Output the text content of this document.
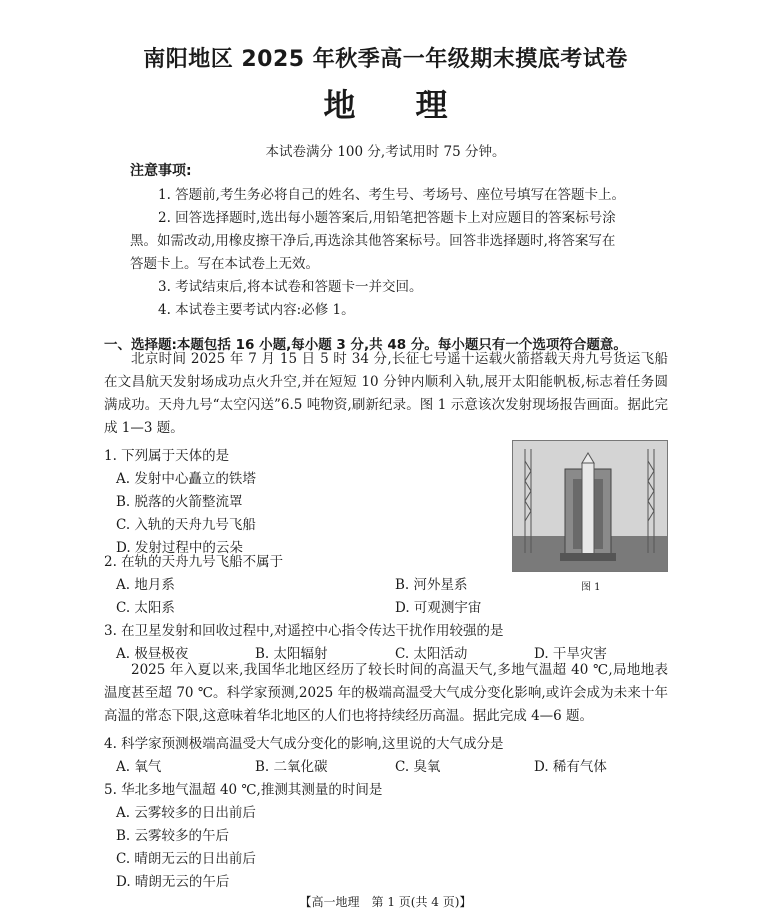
南阳地区 2025 年秋季高一年级期末摸底考试卷
地理
本试卷满分 100 分,考试用时 75 分钟。
注意事项:
1. 答题前,考生务必将自己的姓名、考生号、考场号、座位号填写在答题卡上。
2. 回答选择题时,选出每小题答案后,用铅笔把答题卡上对应题目的答案标号涂
黑。如需改动,用橡皮擦干净后,再选涂其他答案标号。回答非选择题时,将答案写在
答题卡上。写在本试卷上无效。
3. 考试结束后,将本试卷和答题卡一并交回。
4. 本试卷主要考试内容:必修 1。
一、选择题:本题包括 16 小题,每小题 3 分,共 48 分。每小题只有一个选项符合题意。
北京时间 2025 年 7 月 15 日 5 时 34 分,长征七号遥十运载火箭搭载天舟九号货运飞船在文昌航天发射场成功点火升空,并在短短 10 分钟内顺利入轨,展开太阳能帆板,标志着任务圆满成功。天舟九号“太空闪送”6.5 吨物资,刷新纪录。图 1 示意该次发射现场报告画面。据此完成 1—3 题。
1. 下列属于天体的是
A. 发射中心矗立的铁塔
B. 脱落的火箭整流罩
C. 入轨的天舟九号飞船
D. 发射过程中的云朵
图 1
2. 在轨的天舟九号飞船不属于
A. 地月系	B. 河外星系
C. 太阳系	D. 可观测宇宙
3. 在卫星发射和回收过程中,对遥控中心指令传达干扰作用较强的是
A. 极昼极夜	B. 太阳辐射	C. 太阳活动	D. 干旱灾害
2025 年入夏以来,我国华北地区经历了较长时间的高温天气,多地气温超 40 ℃,局地地表温度甚至超 70 ℃。科学家预测,2025 年的极端高温受大气成分变化影响,或许会成为未来十年高温的常态下限,这意味着华北地区的人们也将持续经历高温。据此完成 4—6 题。
4. 科学家预测极端高温受大气成分变化的影响,这里说的大气成分是
A. 氧气	B. 二氧化碳	C. 臭氧	D. 稀有气体
5. 华北多地气温超 40 ℃,推测其测量的时间是
A. 云雾较多的日出前后
B. 云雾较多的午后
C. 晴朗无云的日出前后
D. 晴朗无云的午后
【高一地理　第 1 页(共 4 页)】
